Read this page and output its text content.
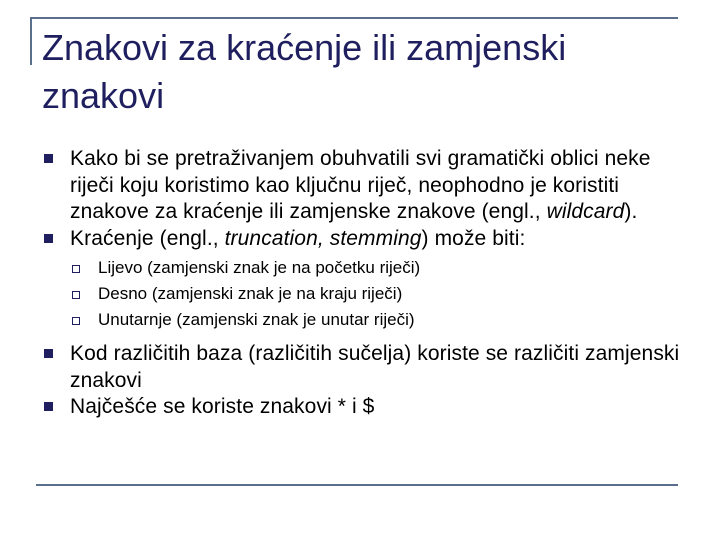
Znakovi za kraćenje ili zamjenski znakovi
Kako bi se pretraživanjem obuhvatili svi gramatički oblici neke riječi koju koristimo kao ključnu riječ, neophodno je koristiti znakove za kraćenje ili zamjenske znakove (engl., wildcard).
Kraćenje (engl., truncation, stemming) može biti:
Lijevo (zamjenski znak je na početku riječi)
Desno (zamjenski znak je na kraju riječi)
Unutarnje (zamjenski znak je unutar riječi)
Kod različitih baza (različitih sučelja) koriste se različiti zamjenski znakovi
Najčešće se koriste znakovi * i $
